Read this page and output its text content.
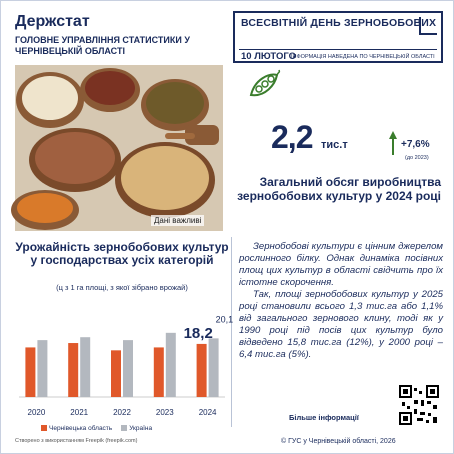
Держстат
ГОЛОВНЕ УПРАВЛІННЯ СТАТИСТИКИ У ЧЕРНІВЕЦЬКІЙ ОБЛАСТІ
ВСЕСВІТНІЙ ДЕНЬ ЗЕРНОБОБОВИХ
10 ЛЮТОГО
ІНФОРМАЦІЯ НАВЕДЕНА ПО ЧЕРНІВЕЦЬКІЙ ОБЛАСТІ
Дані важливі
2,2 тис.т	+7,6%
(до 2023)
Загальний обсяг виробництва зернобобових культур у 2024 році
Урожайність зернобобових культур у господарствах усіх категорій
(ц з 1 га площі, з якої зібрано врожай)
2020	2021	2022	2023	2024
18,2
20,1
Чернівецька область	Україна

Зернобобові культури є цінним джерелом рослинного білку. Однак динаміка посівних площ цих культур в області свідчить про їх істотне скорочення.

Так, площі зернобобових культур у 2025 році становили всього 1,3 тис.га або 1,1% від загального зернового клину, тоді як у 1990 році під посів цих культур було відведено 15,8 тис.га (12%), у 2000 році – 6,4 тис.га (5%).

Більше інформації
Створено з використанням Freepik (freepik.com)	© ГУС у Чернівецькій області, 2026
